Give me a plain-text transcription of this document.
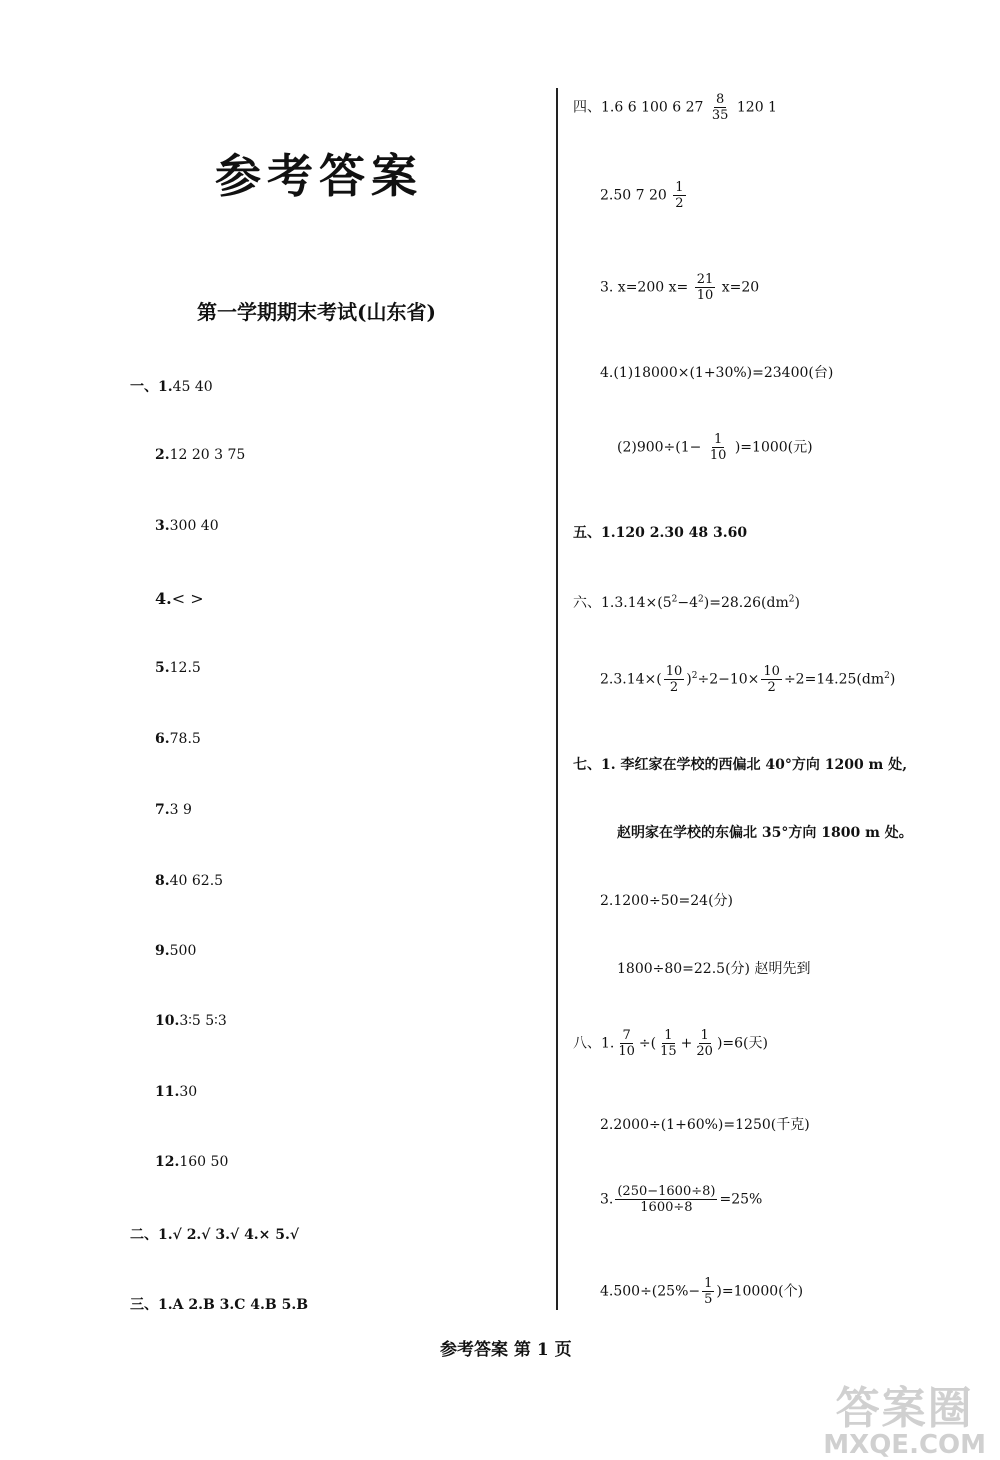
参考答案
第一学期期末考试(山东省)
一、1.45 40
2.12 20 3 75
3.300 40
4.< >
5.12.5
6.78.5
7.3 9
8.40 62.5
9.500
10.3∶5 5∶3
11.30
12.160 50
二、1.√ 2.√ 3.√ 4.× 5.√
三、1.A 2.B 3.C 4.B 5.B
四、1.6 6 100 6 $27 \frac{8}{35} 120$ 1
2.50 7 $20 \frac{1}{2}$
3. x=200 $x= \frac{21}{10} x=20$
4.(1)18000×(1+30%)=23400(台)
$(2)900\div(1- \frac{1}{10} )=1000$(元)
五、1.120 2.30 48 3.60
六、$1.3.14\times(5^2-4^2)=28.26(dm^2)$
$2.3.14\times( \frac{10}{2} )^2\div 2-10\times \frac{10}{2} \div 2=14.25(dm^2)$
七、1. 李红家在学校的西偏北 40°方向 1200 m 处,
赵明家在学校的东偏北 35°方向 1800 m 处。
2.1200÷50=24(分)
1800÷80=22.5(分) 赵明先到
八、1. $\frac{7}{10}$ ÷( $\frac{1}{15} + \frac{1}{20} )=6$(天)
2.2000÷(1+60%)=1250(千克)
3. $\frac{(250-1600\div 8)}{1600\div 8} =25\%$
$4.500\div(25\%- \frac{1}{5} )=10000$(个)
参考答案 第 1 页
答案圈
MXQE.COM
